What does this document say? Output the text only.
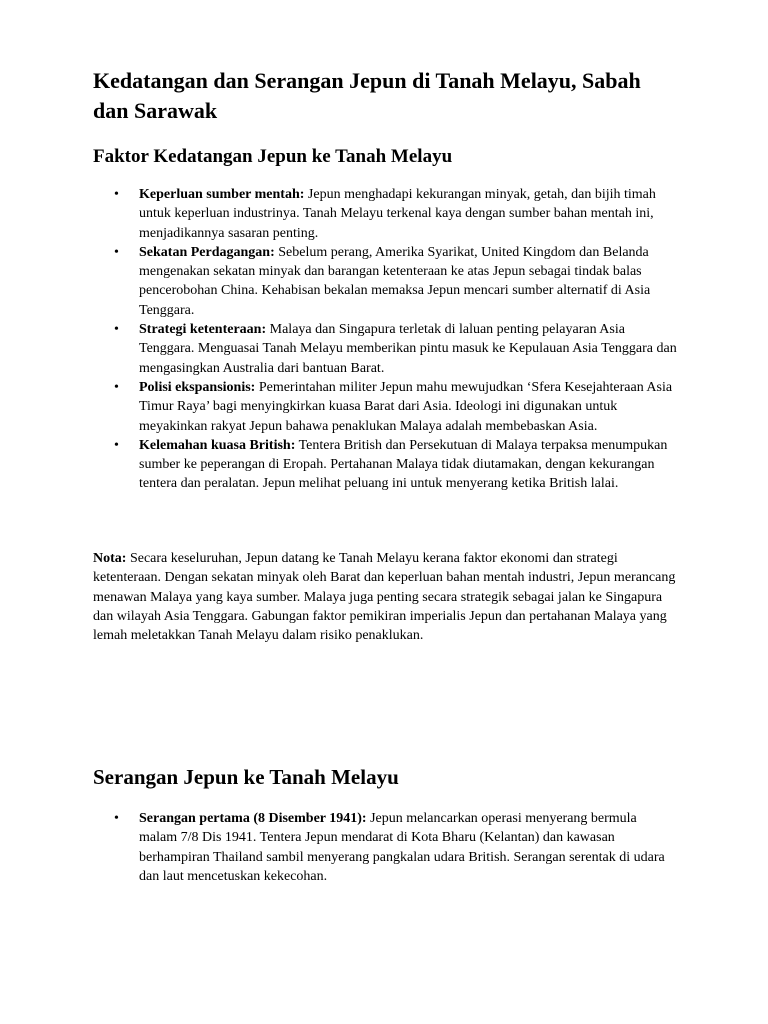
Kedatangan dan Serangan Jepun di Tanah Melayu, Sabah dan Sarawak
Faktor Kedatangan Jepun ke Tanah Melayu
• Keperluan sumber mentah: Jepun menghadapi kekurangan minyak, getah, dan bijih timah untuk keperluan industrinya. Tanah Melayu terkenal kaya dengan sumber bahan mentah ini, menjadikannya sasaran penting.
• Sekatan Perdagangan: Sebelum perang, Amerika Syarikat, United Kingdom dan Belanda mengenakan sekatan minyak dan barangan ketenteraan ke atas Jepun sebagai tindak balas pencerobohan China. Kehabisan bekalan memaksa Jepun mencari sumber alternatif di Asia Tenggara.
• Strategi ketenteraan: Malaya dan Singapura terletak di laluan penting pelayaran Asia Tenggara. Menguasai Tanah Melayu memberikan pintu masuk ke Kepulauan Asia Tenggara dan mengasingkan Australia dari bantuan Barat.
• Polisi ekspansionis: Pemerintahan militer Jepun mahu mewujudkan ‘Sfera Kesejahteraan Asia Timur Raya’ bagi menyingkirkan kuasa Barat dari Asia. Ideologi ini digunakan untuk meyakinkan rakyat Jepun bahawa penaklukan Malaya adalah membebaskan Asia.
• Kelemahan kuasa British: Tentera British dan Persekutuan di Malaya terpaksa menumpukan sumber ke peperangan di Eropah. Pertahanan Malaya tidak diutamakan, dengan kekurangan tentera dan peralatan. Jepun melihat peluang ini untuk menyerang ketika British lalai.

Nota: Secara keseluruhan, Jepun datang ke Tanah Melayu kerana faktor ekonomi dan strategi ketenteraan. Dengan sekatan minyak oleh Barat dan keperluan bahan mentah industri, Jepun merancang menawan Malaya yang kaya sumber. Malaya juga penting secara strategik sebagai jalan ke Singapura dan wilayah Asia Tenggara. Gabungan faktor pemikiran imperialis Jepun dan pertahanan Malaya yang lemah meletakkan Tanah Melayu dalam risiko penaklukan.

Serangan Jepun ke Tanah Melayu
• Serangan pertama (8 Disember 1941): Jepun melancarkan operasi menyerang bermula malam 7/8 Dis 1941. Tentera Jepun mendarat di Kota Bharu (Kelantan) dan kawasan berhampiran Thailand sambil menyerang pangkalan udara British. Serangan serentak di udara dan laut mencetuskan kekecohan.
